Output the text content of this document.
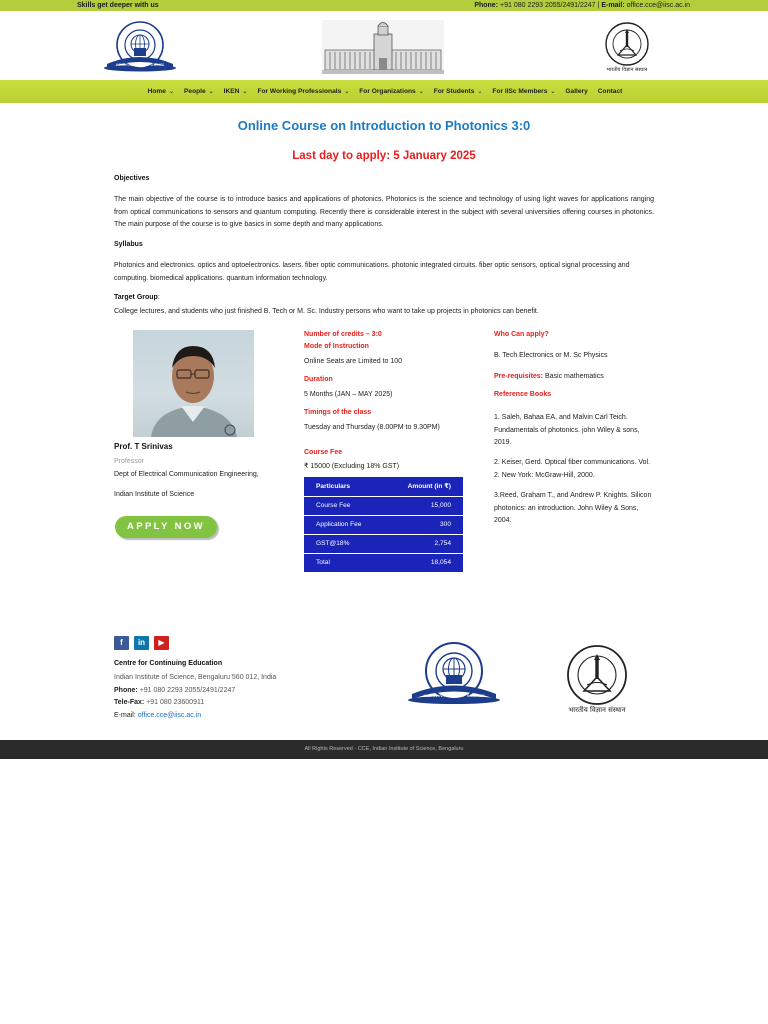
Skills get deeper with us	Phone: +91 080 2293 2055/2491/2247 | E-mail: office.cce@iisc.ac.in
INDIAN INSTITUTE OF SCIENCE
भारतीय विज्ञान संस्थान
Home ⌄ People ⌄ IKEN ⌄ For Working Professionals ⌄ For Organizations ⌄ For Students ⌄ For IISc Members ⌄ Gallery Contact
Online Course on Introduction to Photonics 3:0
Last day to apply: 5 January 2025
Objectives
The main objective of the course is to introduce basics and applications of photonics. Photonics is the science and technology of using light waves for applications ranging from optical communications to sensors and quantum computing. Recently there is considerable interest in the subject with several universities offering courses in photonics. The main purpose of the course is to give basics in some depth and many applications.
Syllabus
Photonics and electronics. optics and optoelectronics. lasers. fiber optic communications. photonic integrated circuits. fiber optic sensors, optical signal processing and computing. biomedical applications. quantum information technology.
Target Group:
College lectures, and students who just finished B. Tech or M. Sc. Industry persons who want to take up projects in photonics can benefit.
Prof. T Srinivas
Professor
Dept of Electrical Communication Engineering,
Indian Institute of Science
APPLY NOW
Number of credits – 3:0
Mode of Instruction
Online Seats are Limited to 100
Duration
5 Months (JAN – MAY 2025)
Timings of the class
Tuesday and Thursday (8.00PM to 9.30PM)
Course Fee
₹ 15000 (Excluding 18% GST)
Particulars	Amount (in ₹)
Course Fee	15,000
Application Fee	300
GST@18%	2,754
Total	18,054
Who Can apply?
B. Tech Electronics or M. Sc Physics
Pre-requisites: Basic mathematics
Reference Books
1. Saleh, Bahaa EA, and Malvin Carl Teich. Fundamentals of photonics. john Wiley & sons, 2019.
2. Keiser, Gerd. Optical fiber communications. Vol. 2. New York: McGraw-Hill, 2000.
3.Reed, Graham T., and Andrew P. Knights. Silicon photonics: an introduction. John Wiley & Sons, 2004.
f	in	▶
Centre for Continuing Education
Indian Institute of Science, Bengaluru 560 012, India
Phone: +91 080 2293 2055/2491/2247
Tele-Fax: +91 080 23600911
E-mail: office.cce@iisc.ac.in
INDIAN INSTITUTE OF SCIENCE
भारतीय विज्ञान संस्थान
All Rights Reserved - CCE, Indian Institute of Science, Bengaluru
